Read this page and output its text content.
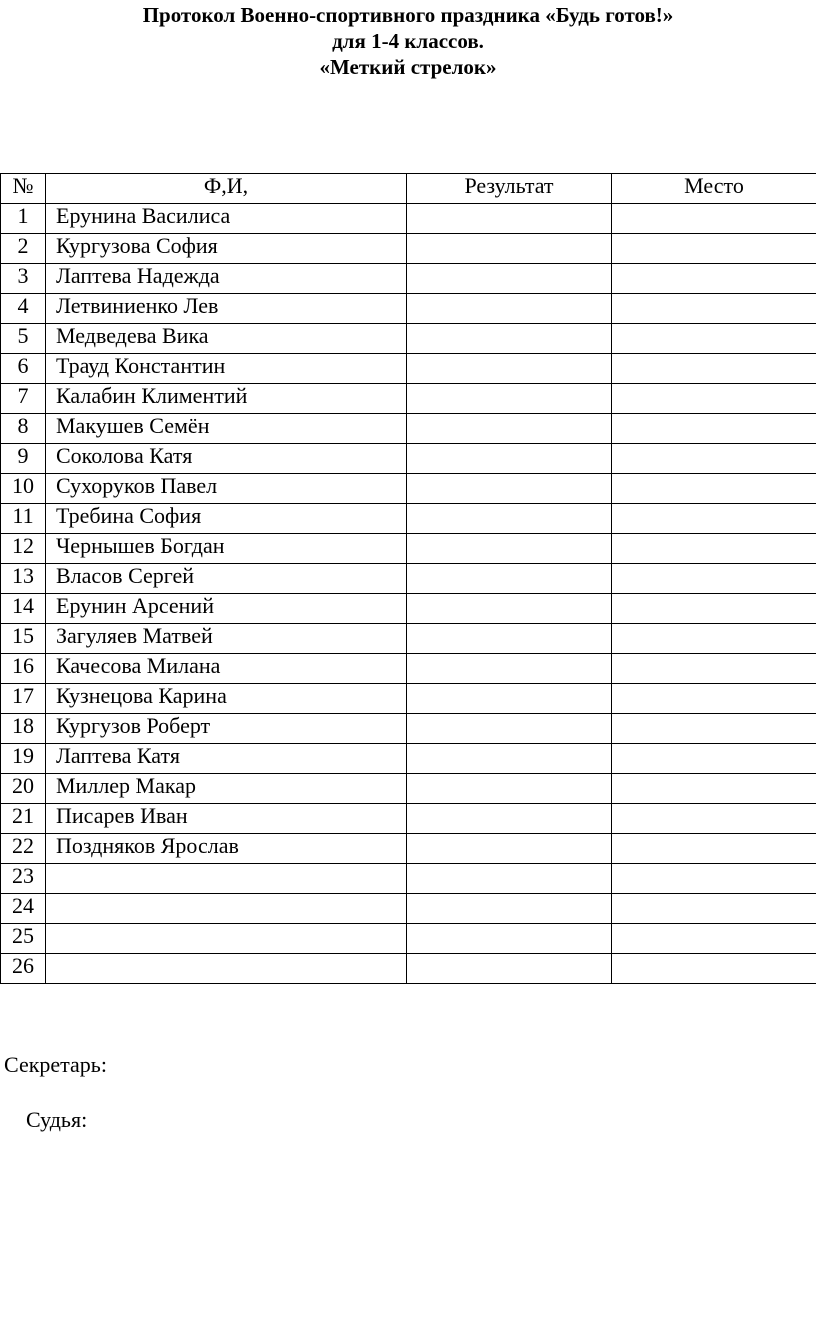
Протокол Военно-спортивного праздника «Будь готов!»
для 1-4 классов.
«Меткий стрелок»
№	Ф,И,	Результат	Место
1	Ерунина Василиса		
2	Кургузова София		
3	Лаптева Надежда		
4	Летвиниенко Лев		
5	Медведева Вика		
6	Трауд Константин		
7	Калабин Климентий		
8	Макушев Семён		
9	Соколова Катя		
10	Сухоруков Павел		
11	Требина София		
12	Чернышев Богдан		
13	Власов Сергей		
14	Ерунин Арсений		
15	Загуляев Матвей		
16	Качесова Милана		
17	Кузнецова Карина		
18	Кургузов Роберт		
19	Лаптева Катя		
20	Миллер Макар		
21	Писарев Иван		
22	Поздняков Ярослав		
23			
24			
25			
26			
Секретарь:
Судья:
